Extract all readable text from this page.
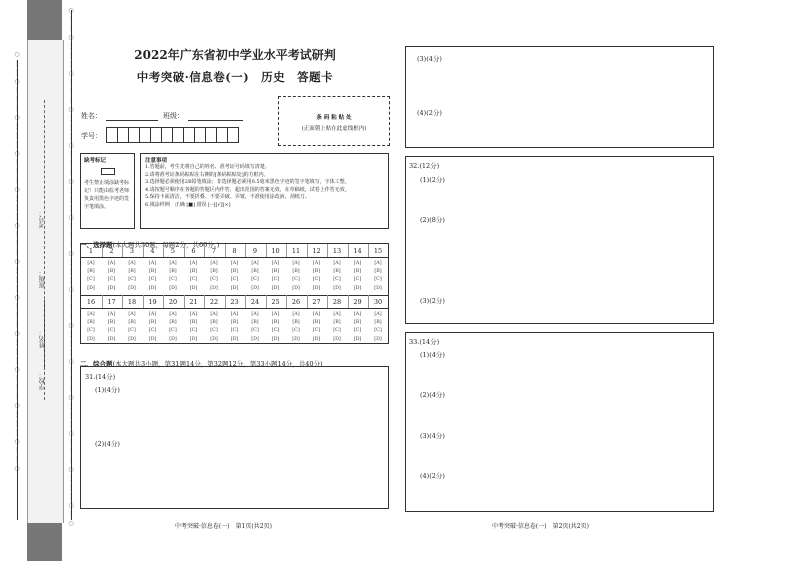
○
⋮
⋮
○
⋮
⋮
⋮
○
⋮
⋮
⋮
○
⋮
⋮
⋮
○
⋮
⋮
⋮
○
⋮
⋮
⋮
○
⋮
⋮
⋮
○
⋮
⋮
⋮
○
⋮
⋮
⋮
○
⋮
⋮
⋮
○
⋮
⋮
⋮
○
⋮
⋮
○
○
⋮
⋮
○
⋮
⋮
⋮
○
⋮
⋮
⋮
○
⋮
⋮
⋮
○
⋮
⋮
⋮
○
⋮
⋮
⋮
○
⋮
⋮
⋮
○
⋮
⋮
⋮
○
⋮
⋮
⋮
○
⋮
⋮
⋮
○
⋮
⋮
⋮
○
⋮
⋮
⋮
○
⋮
⋮
⋮
○
⋮
⋮
⋮
○
⋮
○
学校：
姓名：
班级：
考号：
2022年广东省初中学业水平考试研判
中考突破·信息卷(一)　历史　答题卡
姓名：	班级：
学号：
条 码 粘 贴 处
(正面朝上贴在此虚线框内)
缺考标记
考生禁止填涂缺考标记！只能由监考老师负责用黑色字迹的签字笔填涂。
注意事项
1.答题前，考生先将自己的姓名、准考证号码填写清楚。
2.请将准考证条码粘贴在右侧的[条码粘贴处]的方框内。
3.选择题必须使用2B铅笔填涂；非选择题必须用0.5毫米黑色字迹的签字笔填写，字体工整。
4.请按题号顺序在各题的答题区内作答，超出范围的答案无效，在草稿纸、试卷上作答无效。
5.保持卡面清洁，不要折叠、不要弄破、弄皱，不准使用涂改液、刮纸刀。
6.填涂样例　正确 [■] 错误 [--][√][×]
一、选择题(本大题共30题，每题2分，共60分。)
1
[A]
[B]
[C]
[D]
2
[A]
[B]
[C]
[D]
3
[A]
[B]
[C]
[D]
4
[A]
[B]
[C]
[D]
5
[A]
[B]
[C]
[D]
6
[A]
[B]
[C]
[D]
7
[A]
[B]
[C]
[D]
8
[A]
[B]
[C]
[D]
9
[A]
[B]
[C]
[D]
10
[A]
[B]
[C]
[D]
11
[A]
[B]
[C]
[D]
12
[A]
[B]
[C]
[D]
13
[A]
[B]
[C]
[D]
14
[A]
[B]
[C]
[D]
15
[A]
[B]
[C]
[D]
16
[A]
[B]
[C]
[D]
17
[A]
[B]
[C]
[D]
18
[A]
[B]
[C]
[D]
19
[A]
[B]
[C]
[D]
20
[A]
[B]
[C]
[D]
21
[A]
[B]
[C]
[D]
22
[A]
[B]
[C]
[D]
23
[A]
[B]
[C]
[D]
24
[A]
[B]
[C]
[D]
25
[A]
[B]
[C]
[D]
26
[A]
[B]
[C]
[D]
27
[A]
[B]
[C]
[D]
28
[A]
[B]
[C]
[D]
29
[A]
[B]
[C]
[D]
30
[A]
[B]
[C]
[D]
二、综合题(本大题共3小题，第31题14分，第32题12分，第33小题14分，共40分)
31.(14分)
(1)(4分)
(2)(4分)
中考突破·信息卷(一)　第1页(共2页)
(3)(4分)
(4)(2分)
32.(12分)
(1)(2分)
(2)(8分)
(3)(2分)
33.(14分)
(1)(4分)
(2)(4分)
(3)(4分)
(4)(2分)
中考突破·信息卷(一)　第2页(共2页)
